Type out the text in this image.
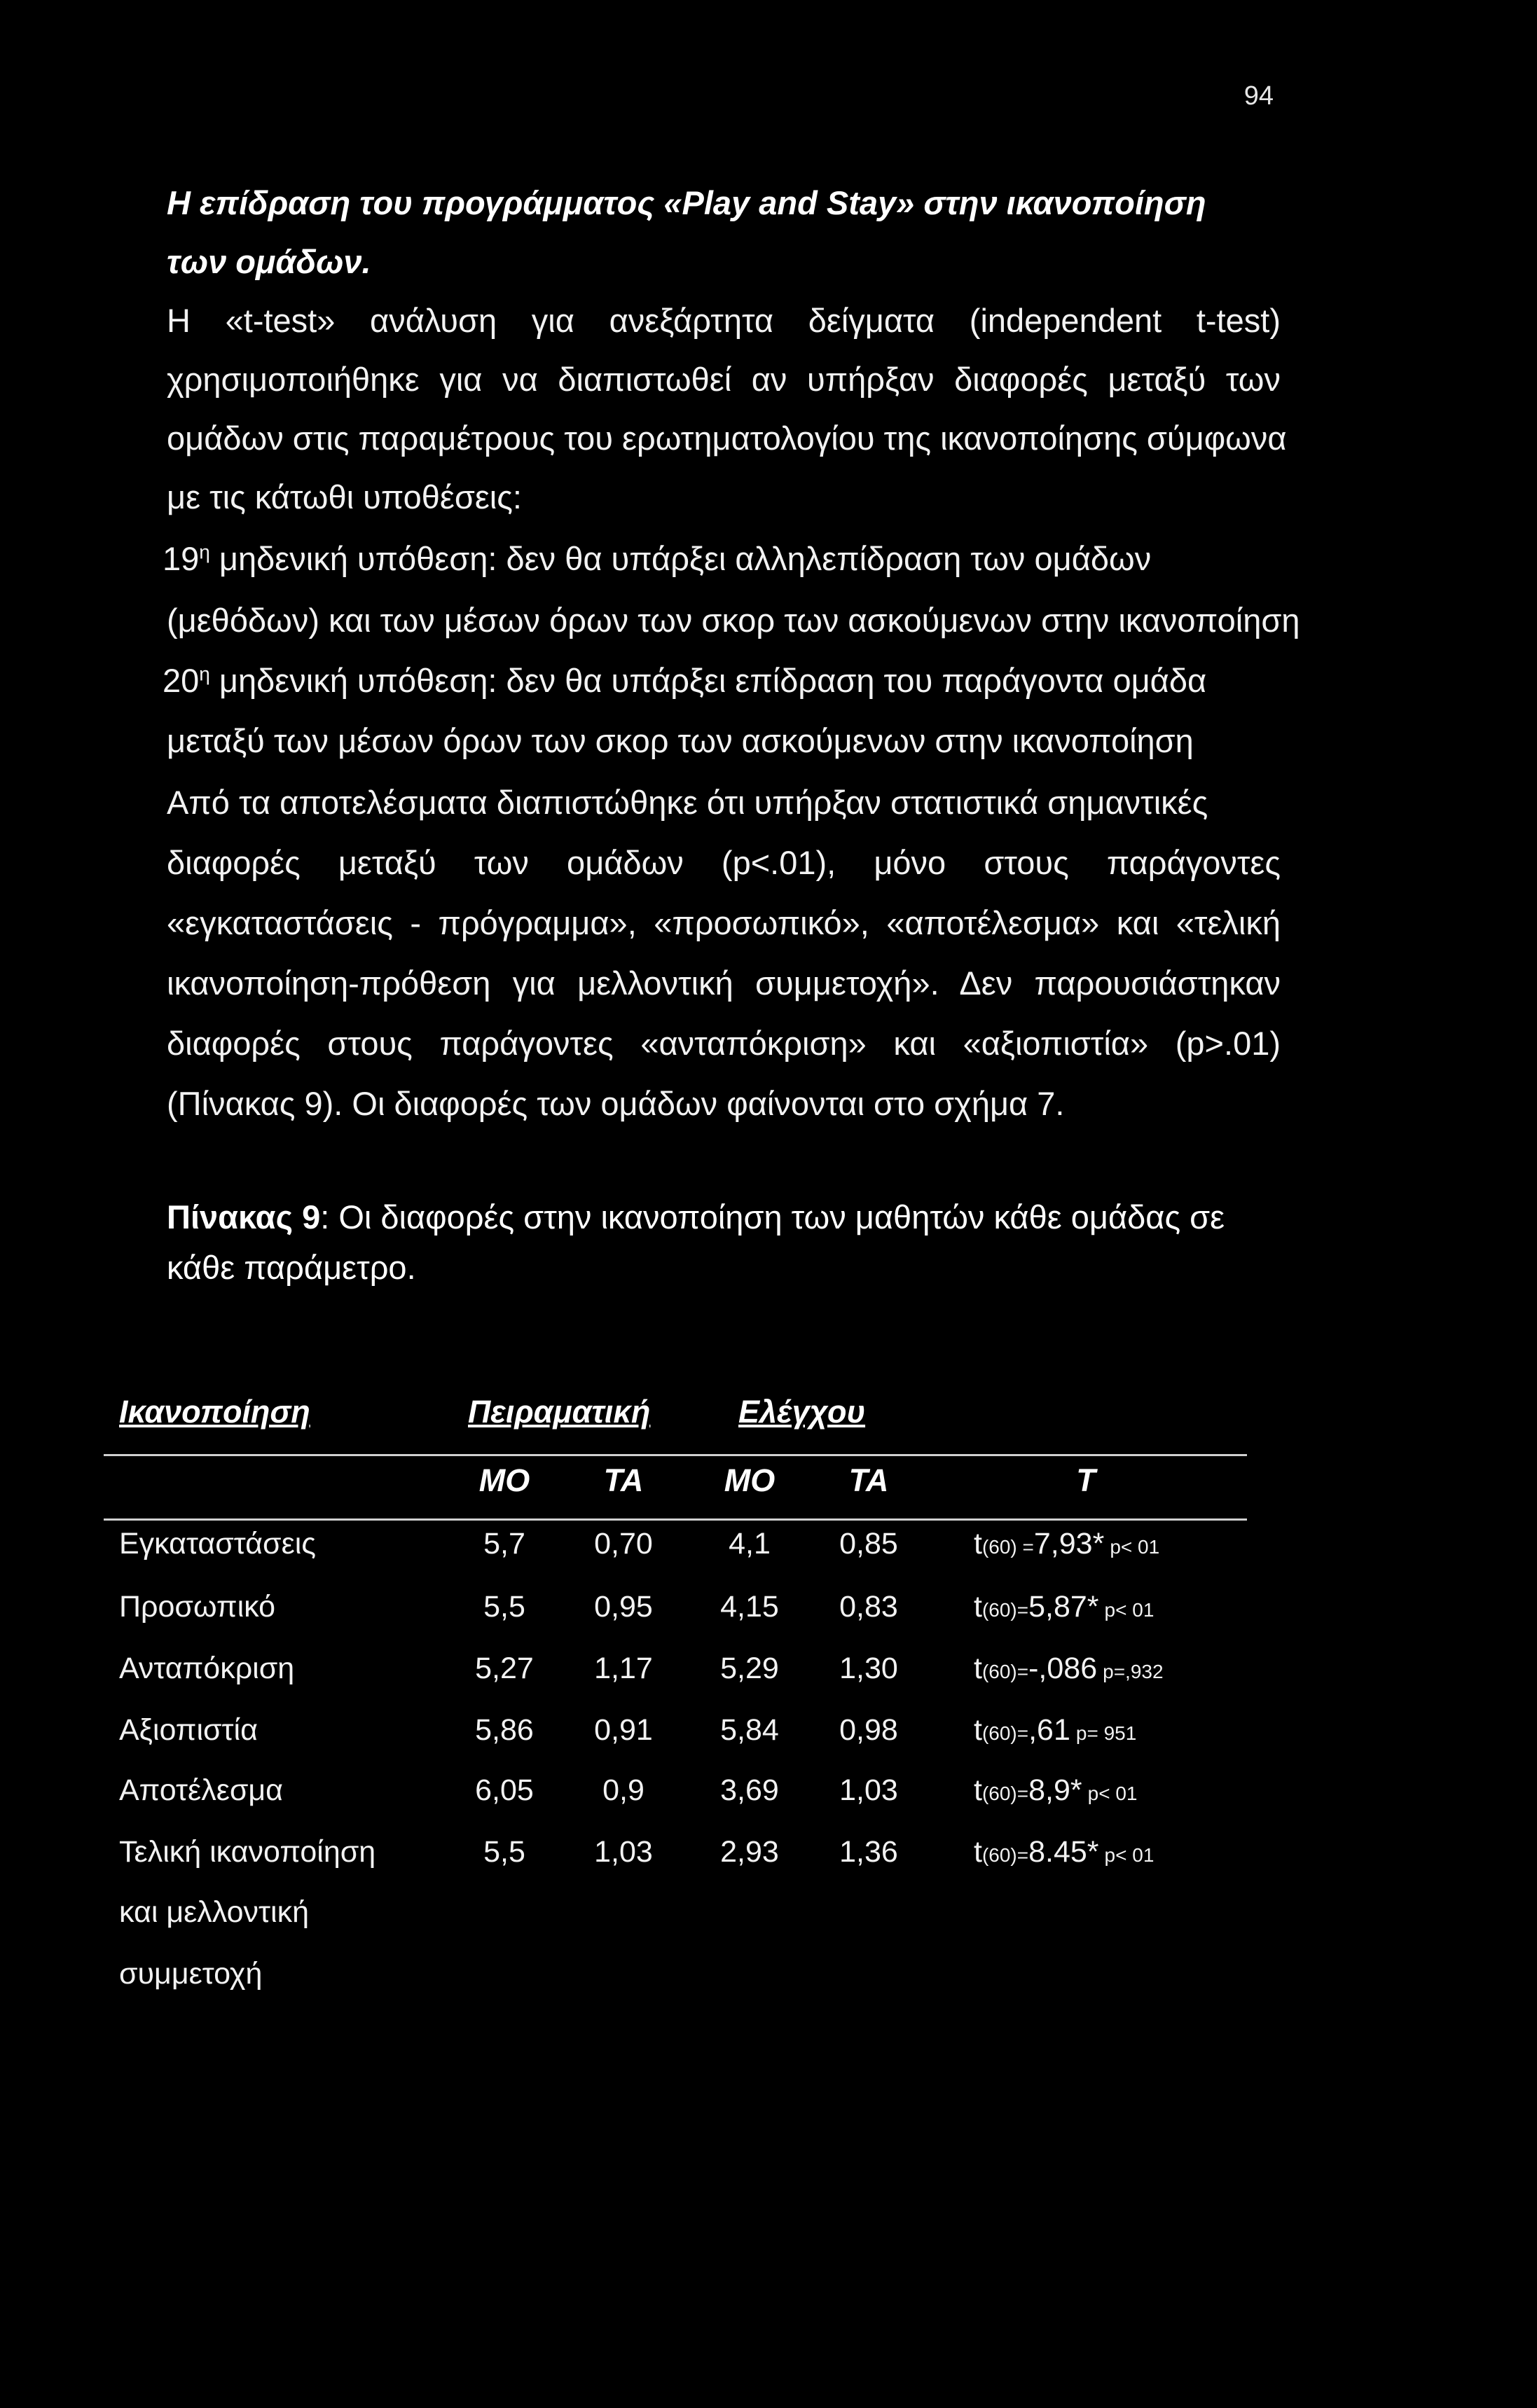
94
Η επίδραση του προγράμματος «Play and Stay» στην ικανοποίηση
των ομάδων.
Η «t-test» ανάλυση για ανεξάρτητα δείγματα (independent t-test)
χρησιμοποιήθηκε για να διαπιστωθεί αν υπήρξαν διαφορές μεταξύ των
ομάδων στις παραμέτρους του ερωτηματολογίου της ικανοποίησης σύμφωνα
με τις κάτωθι υποθέσεις:
$19^\eta$ μηδενική υπόθεση: δεν θα υπάρξει αλληλεπίδραση των ομάδων
(μεθόδων) και των μέσων όρων των σκορ των ασκούμενων στην ικανοποίηση
$20^\eta$ μηδενική υπόθεση: δεν θα υπάρξει επίδραση του παράγοντα ομάδα
μεταξύ των μέσων όρων των σκορ των ασκούμενων στην ικανοποίηση
Από τα αποτελέσματα διαπιστώθηκε ότι υπήρξαν στατιστικά σημαντικές
διαφορές μεταξύ των ομάδων (p<.01), μόνο στους παράγοντες
«εγκαταστάσεις - πρόγραμμα», «προσωπικό», «αποτέλεσμα» και «τελική
ικανοποίηση-πρόθεση για μελλοντική συμμετοχή». Δεν παρουσιάστηκαν
διαφορές στους παράγοντες «ανταπόκριση» και «αξιοπιστία» (p>.01)
(Πίνακας 9). Οι διαφορές των ομάδων φαίνονται στο σχήμα 7.
Πίνακας 9: Οι διαφορές στην ικανοποίηση των μαθητών κάθε ομάδας σε
κάθε παράμετρο.
Ικανοποίηση	Πειραματική	Ελέγχου
ΜΟ	ΤΑ	ΜΟ	ΤΑ	T
Εγκαταστάσεις	5,7	0,70	4,1	0,85	t(60) =7,93* p< 01
Προσωπικό	5,5	0,95	4,15	0,83	t(60)=5,87* p< 01
Ανταπόκριση	5,27	1,17	5,29	1,30	t(60)=-,086 p=,932
Αξιοπιστία	5,86	0,91	5,84	0,98	t(60)=,61 p= 951
Αποτέλεσμα	6,05	0,9	3,69	1,03	t(60)=8,9* p< 01
Τελική ικανοποίηση	5,5	1,03	2,93	1,36	t(60)=8.45* p< 01
και μελλοντική
συμμετοχή
